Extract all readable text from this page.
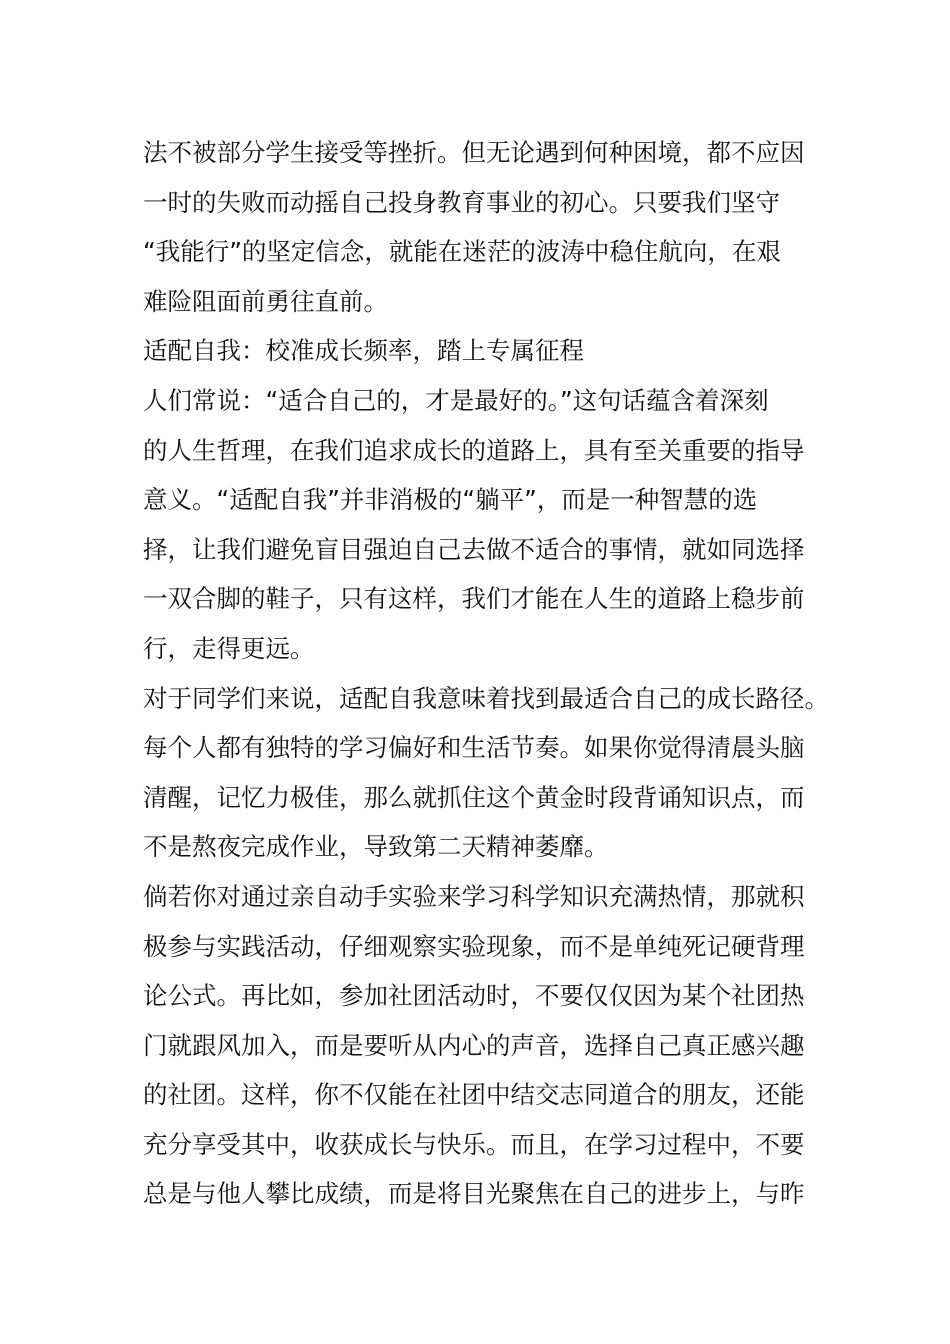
法不被部分学生接受等挫折。但无论遇到何种困境，都不应因
一时的失败而动摇自己投身教育事业的初心。只要我们坚守
“我能行”的坚定信念，就能在迷茫的波涛中稳住航向，在艰
难险阻面前勇往直前。
适配自我：校准成长频率，踏上专属征程
人们常说：“适合自己的，才是最好的。”这句话蕴含着深刻
的人生哲理，在我们追求成长的道路上，具有至关重要的指导
意义。“适配自我”并非消极的“躺平”，而是一种智慧的选
择，让我们避免盲目强迫自己去做不适合的事情，就如同选择
一双合脚的鞋子，只有这样，我们才能在人生的道路上稳步前
行，走得更远。
对于同学们来说，适配自我意味着找到最适合自己的成长路径。
每个人都有独特的学习偏好和生活节奏。如果你觉得清晨头脑
清醒，记忆力极佳，那么就抓住这个黄金时段背诵知识点，而
不是熬夜完成作业，导致第二天精神萎靡。
倘若你对通过亲自动手实验来学习科学知识充满热情，那就积
极参与实践活动，仔细观察实验现象，而不是单纯死记硬背理
论公式。再比如，参加社团活动时，不要仅仅因为某个社团热
门就跟风加入，而是要听从内心的声音，选择自己真正感兴趣
的社团。这样，你不仅能在社团中结交志同道合的朋友，还能
充分享受其中，收获成长与快乐。而且，在学习过程中，不要
总是与他人攀比成绩，而是将目光聚焦在自己的进步上，与昨
